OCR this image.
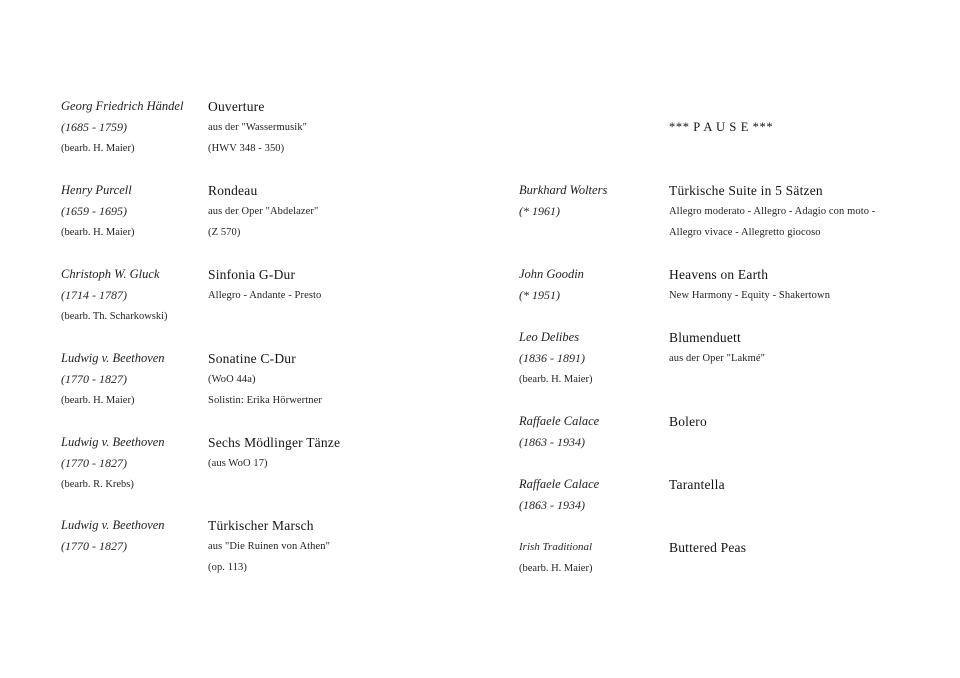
*** P A U S E ***
Georg Friedrich Händel
(1685 - 1759)
(bearb. H. Maier)
Ouverture
aus der "Wassermusik"
(HWV 348 - 350)
Henry Purcell
(1659 - 1695)
(bearb. H. Maier)
Rondeau
aus der Oper "Abdelazer"
(Z 570)
Christoph W. Gluck
(1714 - 1787)
(bearb. Th. Scharkowski)
Sinfonia G-Dur
Allegro - Andante - Presto
Ludwig v. Beethoven
(1770 - 1827)
(bearb. H. Maier)
Sonatine C-Dur
(WoO 44a)
Solistin: Erika Hörwertner
Ludwig v. Beethoven
(1770 - 1827)
(bearb. R. Krebs)
Sechs Mödlinger Tänze
(aus WoO 17)
Ludwig v. Beethoven
(1770 - 1827)
Türkischer Marsch
aus "Die Ruinen von Athen"
(op. 113)
Burkhard Wolters
(* 1961)
Türkische Suite in 5 Sätzen
Allegro moderato - Allegro - Adagio con moto -
Allegro vivace - Allegretto giocoso
John Goodin
(* 1951)
Heavens on Earth
New Harmony - Equity - Shakertown
Leo Delibes
(1836 - 1891)
(bearb. H. Maier)
Blumenduett
aus der Oper "Lakmé"
Raffaele Calace
(1863 - 1934)
Bolero
Raffaele Calace
(1863 - 1934)
Tarantella
Irish Traditional
(bearb. H. Maier)
Buttered Peas
